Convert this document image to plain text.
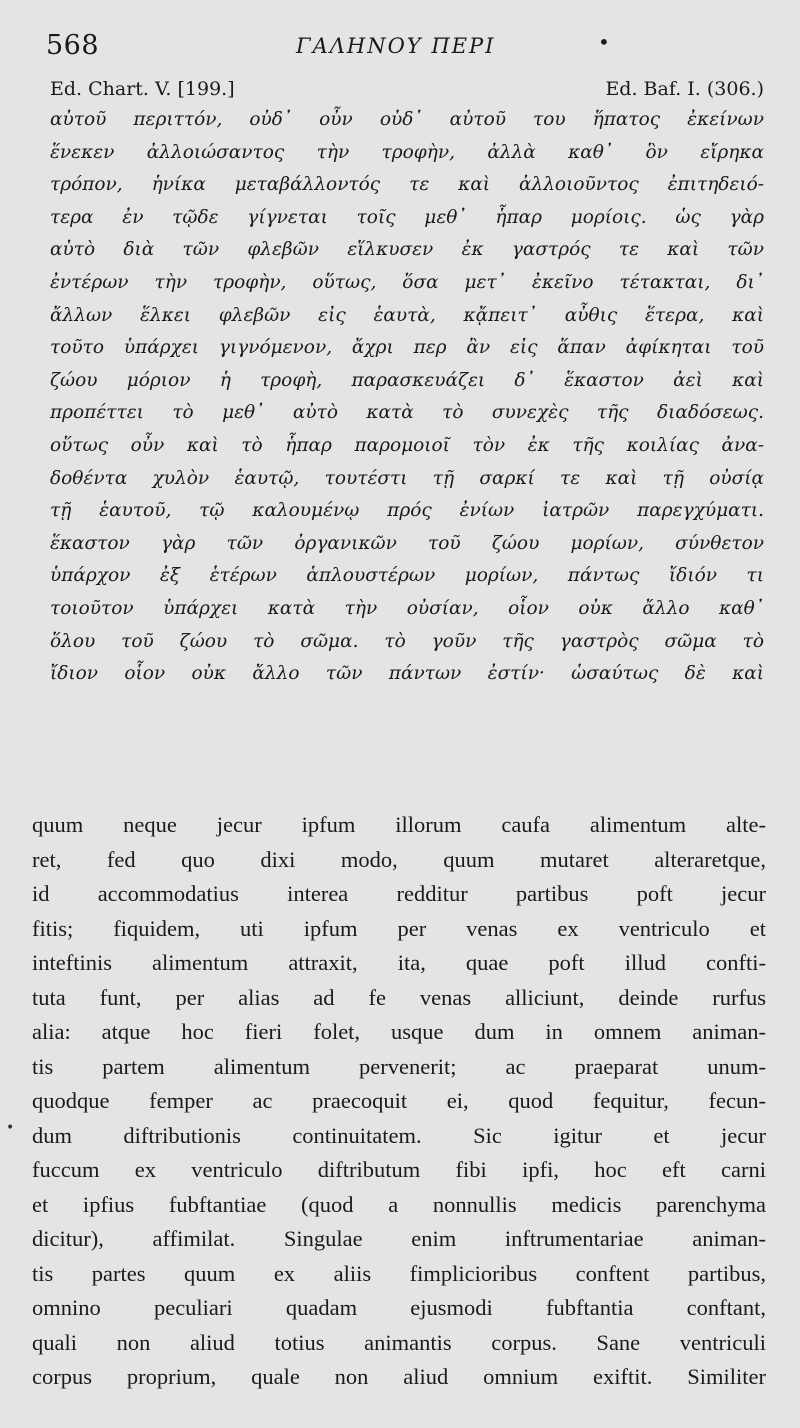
568	ΓΑΛΗΝΟΥ ΠΕΡΙ	•
Ed. Chart. V. [199.]	Ed. Baf. I. (306.)
αὐτοῦ περιττόν, οὐδ᾽ οὖν οὐδ᾽ αὐτοῦ του ἥπατος ἐκείνων
ἕνεκεν ἀλλοιώσαντος τὴν τροφὴν, ἀλλὰ καθ᾽ ὃν εἴρηκα
τρόπον, ἡνίκα μεταβάλλοντός τε καὶ ἀλλοιοῦντος ἐπιτηδειό-
τερα ἐν τῷδε γίγνεται τοῖς μεθ᾽ ἧπαρ μορίοις. ὡς γὰρ
αὐτὸ διὰ τῶν φλεβῶν εἵλκυσεν ἐκ γαστρός τε καὶ τῶν
ἐντέρων τὴν τροφὴν, οὕτως, ὅσα μετ᾽ ἐκεῖνο τέτακται, δι᾽
ἄλλων ἕλκει φλεβῶν εἰς ἑαυτὰ, κᾄπειτ᾽ αὖθις ἕτερα, καὶ
τοῦτο ὑπάρχει γιγνόμενον, ἄχρι περ ἂν εἰς ἅπαν ἀφίκηται τοῦ
ζώου μόριον ἡ τροφὴ, παρασκευάζει δ᾽ ἕκαστον ἀεὶ καὶ
προπέττει τὸ μεθ᾽ αὐτὸ κατὰ τὸ συνεχὲς τῆς διαδόσεως.
οὕτως οὖν καὶ τὸ ἧπαρ παρομοιοῖ τὸν ἐκ τῆς κοιλίας ἀνα-
δοθέντα χυλὸν ἑαυτῷ, τουτέστι τῇ σαρκί τε καὶ τῇ οὐσίᾳ
τῇ ἑαυτοῦ, τῷ καλουμένῳ πρός ἐνίων ἰατρῶν παρεγχύματι.
ἕκαστον γὰρ τῶν ὀργανικῶν τοῦ ζώου μορίων, σύνθετον
ὑπάρχον ἐξ ἑτέρων ἁπλουστέρων μορίων, πάντως ἴδιόν τι
τοιοῦτον ὑπάρχει κατὰ τὴν οὐσίαν, οἷον οὐκ ἄλλο καθ᾽
ὅλου τοῦ ζώου τὸ σῶμα. τὸ γοῦν τῆς γαστρὸς σῶμα τὸ
ἴδιον οἷον οὐκ ἄλλο τῶν πάντων ἐστίν· ὡσαύτως δὲ καὶ
quum neque jecur ipfum illorum caufa alimentum alte-
ret, fed quo dixi modo, quum mutaret alteraretque,
id accommodatius interea redditur partibus poft jecur
fitis; fiquidem, uti ipfum per venas ex ventriculo et
inteftinis alimentum attraxit, ita, quae poft illud confti-
tuta funt, per alias ad fe venas alliciunt, deinde rurfus
alia: atque hoc fieri folet, usque dum in omnem animan-
tis partem alimentum pervenerit; ac praeparat unum-
quodque femper ac praecoquit ei, quod fequitur, fecun-
dum diftributionis continuitatem. Sic igitur et jecur
fuccum ex ventriculo diftributum fibi ipfi, hoc eft carni
et ipfius fubftantiae (quod a nonnullis medicis parenchyma
dicitur), affimilat. Singulae enim inftrumentariae animan-
tis partes quum ex aliis fimplicioribus conftent partibus,
omnino peculiari quadam ejusmodi fubftantia conftant,
quali non aliud totius animantis corpus. Sane ventriculi
corpus proprium, quale non aliud omnium exiftit. Similiter
•
